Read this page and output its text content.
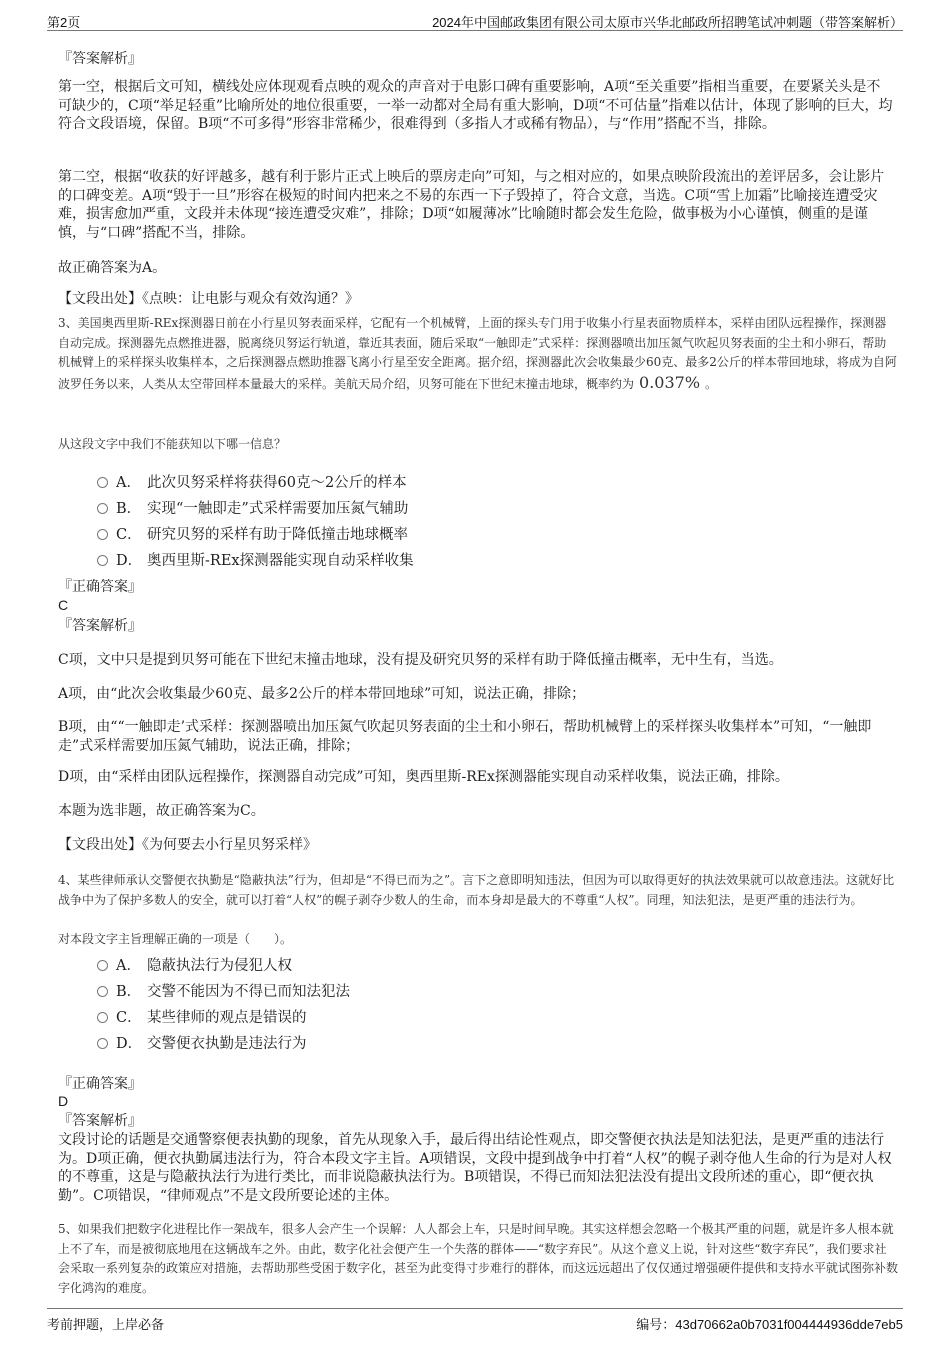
第2页	2024年中国邮政集团有限公司太原市兴华北邮政所招聘笔试冲刺题（带答案解析）
『答案解析』
第一空，根据后文可知，横线处应体现观看点映的观众的声音对于电影口碑有重要影响，A项“至关重要”指相当重要，在要紧关头是不可缺少的，C项“举足轻重”比喻所处的地位很重要，一举一动都对全局有重大影响，D项“不可估量”指难以估计，体现了影响的巨大，均符合文段语境，保留。B项“不可多得”形容非常稀少，很难得到（多指人才或稀有物品），与“作用”搭配不当，排除。
第二空，根据“收获的好评越多，越有利于影片正式上映后的票房走向”可知，与之相对应的，如果点映阶段流出的差评居多，会让影片的口碑变差。A项“毁于一旦”形容在极短的时间内把来之不易的东西一下子毁掉了，符合文意，当选。C项“雪上加霜”比喻接连遭受灾难，损害愈加严重，文段并未体现“接连遭受灾难”，排除；D项“如履薄冰”比喻随时都会发生危险，做事极为小心谨慎，侧重的是谨慎，与“口碑”搭配不当，排除。
故正确答案为A。
【文段出处】《点映：让电影与观众有效沟通？》
3、美国奥西里斯-REx探测器日前在小行星贝努表面采样，它配有一个机械臂，上面的探头专门用于收集小行星表面物质样本，采样由团队远程操作，探测器自动完成。探测器先点燃推进器，脱离绕贝努运行轨道，靠近其表面，随后采取“一触即走”式采样：探测器喷出加压氮气吹起贝努表面的尘土和小卵石，帮助机械臂上的采样探头收集样本，之后探测器点燃助推器飞离小行星至安全距离。据介绍，探测器此次会收集最少60克、最多2公斤的样本带回地球，将成为自阿波罗任务以来，人类从太空带回样本量最大的采样。美航天局介绍，贝努可能在下世纪末撞击地球，概率约为 0.037% 。
从这段文字中我们不能获知以下哪一信息？
A． 此次贝努采样将获得60克～2公斤的样本
B． 实现“一触即走”式采样需要加压氮气辅助
C． 研究贝努的采样有助于降低撞击地球概率
D． 奥西里斯-REx探测器能实现自动采样收集
『正确答案』
C
『答案解析』
C项，文中只是提到贝努可能在下世纪末撞击地球，没有提及研究贝努的采样有助于降低撞击概率，无中生有，当选。
A项，由“此次会收集最少60克、最多2公斤的样本带回地球”可知，说法正确，排除；
B项，由““一触即走’式采样：探测器喷出加压氮气吹起贝努表面的尘土和小卵石，帮助机械臂上的采样探头收集样本”可知，“一触即走”式采样需要加压氮气辅助，说法正确，排除；
D项，由“采样由团队远程操作，探测器自动完成”可知，奥西里斯-REx探测器能实现自动采样收集，说法正确，排除。
本题为选非题，故正确答案为C。
【文段出处】《为何要去小行星贝努采样》
4、某些律师承认交警便衣执勤是“隐蔽执法”行为，但却是“不得已而为之”。言下之意即明知违法，但因为可以取得更好的执法效果就可以故意违法。这就好比战争中为了保护多数人的安全，就可以打着“人权”的幌子剥夺少数人的生命，而本身却是最大的不尊重“人权”。同理，知法犯法，是更严重的违法行为。
对本段文字主旨理解正确的一项是（　　）。
A． 隐蔽执法行为侵犯人权
B． 交警不能因为不得已而知法犯法
C． 某些律师的观点是错误的
D． 交警便衣执勤是违法行为
『正确答案』
D
『答案解析』
文段讨论的话题是交通警察便表执勤的现象，首先从现象入手，最后得出结论性观点，即交警便衣执法是知法犯法，是更严重的违法行为。D项正确，便衣执勤属违法行为，符合本段文字主旨。A项错误，文段中提到战争中打着“人权”的幌子剥夺他人生命的行为是对人权的不尊重，这是与隐蔽执法行为进行类比，而非说隐蔽执法行为。B项错误，不得已而知法犯法没有提出文段所述的重心，即“便衣执勤”。C项错误，“律师观点”不是文段所要论述的主体。
5、如果我们把数字化进程比作一架战车，很多人会产生一个误解：人人都会上车，只是时间早晚。其实这样想会忽略一个极其严重的问题，就是许多人根本就上不了车，而是被彻底地甩在这辆战车之外。由此，数字化社会便产生一个失落的群体——“数字弃民”。从这个意义上说，针对这些“数字弃民”，我们要求社会采取一系列复杂的政策应对措施，去帮助那些受困于数字化，甚至为此变得寸步难行的群体，而这远远超出了仅仅通过增强硬件提供和支持水平就试图弥补数字化鸿沟的难度。
考前押题，上岸必备	编号：43d70662a0b7031f004444936dde7eb5
